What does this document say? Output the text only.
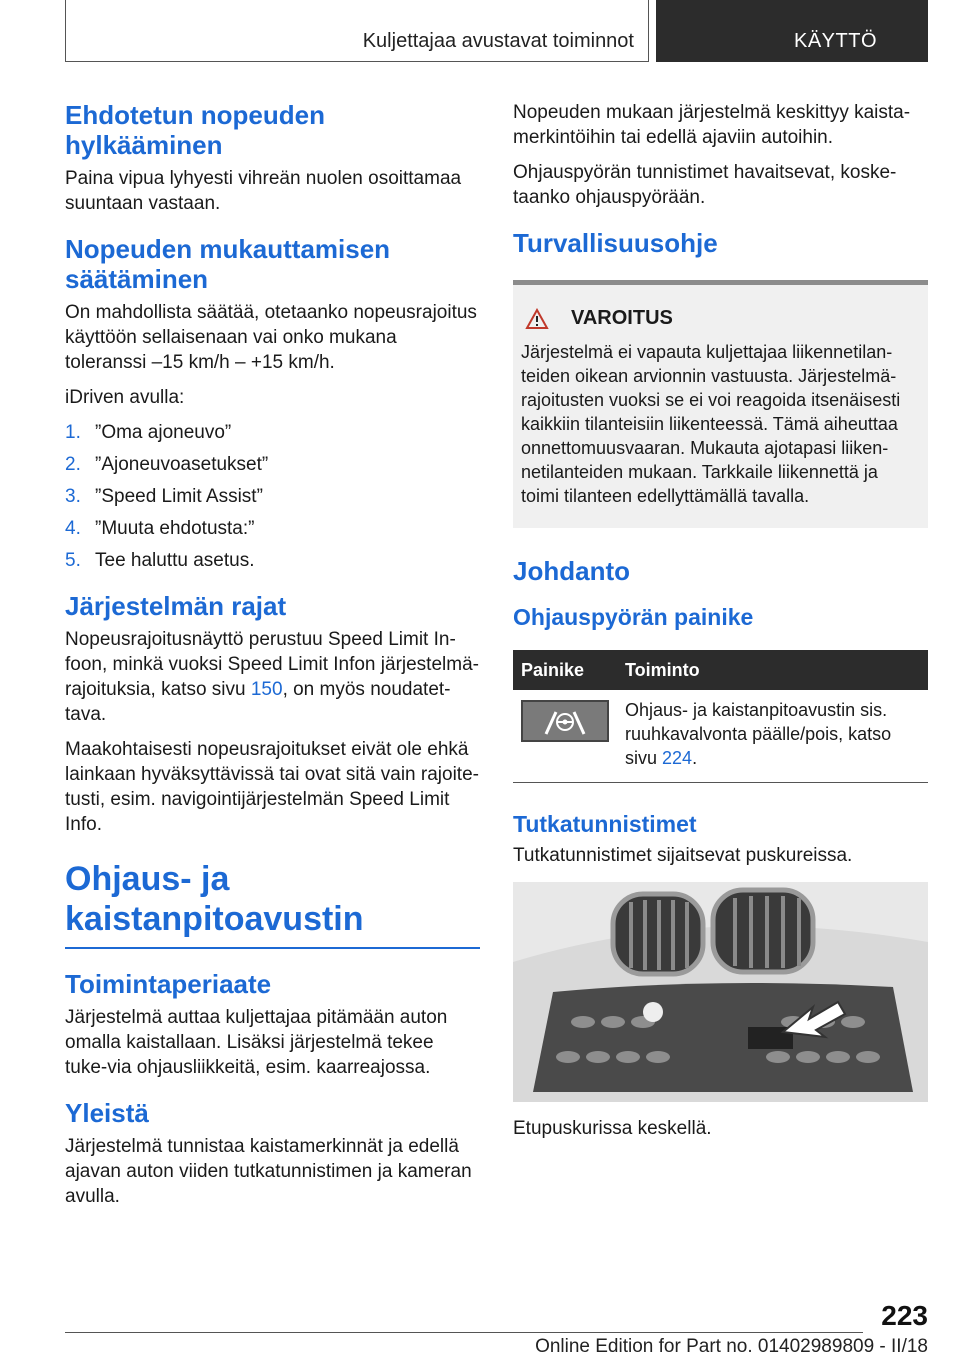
Kuljettajaa avustavat toiminnot	KÄYTTÖ
Ehdotetun nopeuden hylkääminen

Paina vipua lyhyesti vihreän nuolen osoittamaa suuntaan vastaan.

Nopeuden mukauttamisen säätäminen

On mahdollista säätää, otetaanko nopeusrajoitus käyttöön sellaisenaan vai onko mukana toleranssi –15 km/h – +15 km/h.

iDriven avulla:

1. ”Oma ajoneuvo”
2. ”Ajoneuvoasetukset”
3. ”Speed Limit Assist”
4. ”Muuta ehdotusta:”
5. Tee haluttu asetus.
Järjestelmän rajat

Nopeusrajoitusnäyttö perustuu Speed Limit In-foon, minkä vuoksi Speed Limit Infon järjestelmä-rajoituksia, katso sivu 150, on myös noudatet-tava.

Maakohtaisesti nopeusrajoitukset eivät ole ehkä lainkaan hyväksyttävissä tai ovat sitä vain rajoite-tusti, esim. navigointijärjestelmän Speed Limit Info.

Ohjaus- ja kaistanpitoavustin
Toimintaperiaate

Järjestelmä auttaa kuljettajaa pitämään auton omalla kaistallaan. Lisäksi järjestelmä tekee tuke-via ohjausliikkeitä, esim. kaarreajossa.

Yleistä

Järjestelmä tunnistaa kaistamerkinnät ja edellä ajavan auton viiden tutkatunnistimen ja kameran avulla.

Nopeuden mukaan järjestelmä keskittyy kaista-merkintöihin tai edellä ajaviin autoihin.

Ohjauspyörän tunnistimet havaitsevat, koske-taanko ohjauspyörään.

Turvallisuusohje
VAROITUS

Järjestelmä ei vapauta kuljettajaa liikennetilan-teiden oikean arvionnin vastuusta. Järjestelmä-rajoitusten vuoksi se ei voi reagoida itsenäisesti kaikkiin tilanteisiin liikenteessä. Tämä aiheuttaa onnettomuusvaaran. Mukauta ajotapasi liiken-netilanteiden mukaan. Tarkkaile liikennettä ja toimi tilanteen edellyttämällä tavalla.

Johdanto
Ohjauspyörän painike
Painike	Toiminto

	Ohjaus- ja kaistanpitoavustin sis. ruuhkavalvonta päälle/pois, katso sivu 224.
Tutkatunnistimet

Tutkatunnistimet sijaitsevat puskureissa.

Etupuskurissa keskellä.

223
Online Edition for Part no. 01402989809 - II/18
